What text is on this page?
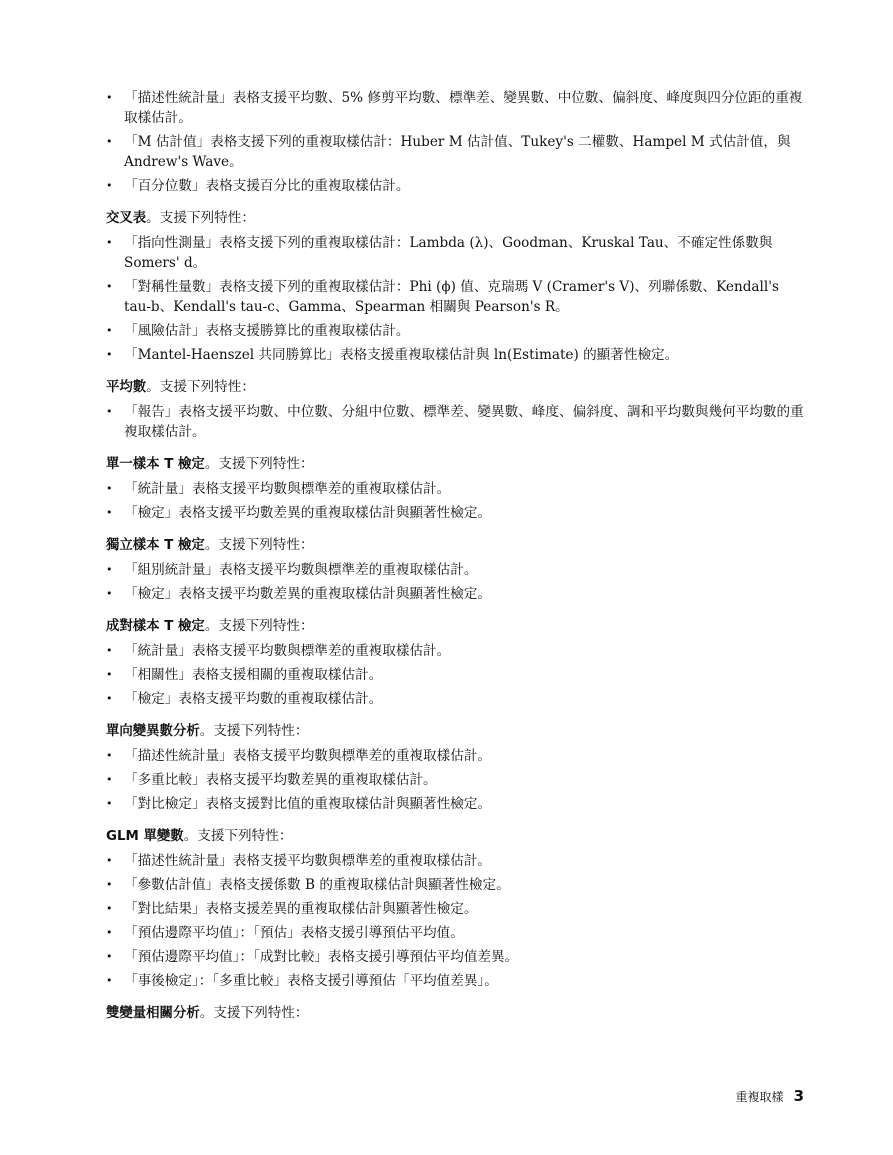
• 「描述性統計量」表格支援平均數、5% 修剪平均數、標準差、變異數、中位數、偏斜度、峰度與四分位距的重複取樣估計。
• 「M 估計值」表格支援下列的重複取樣估計：Huber M 估計值、Tukey's 二權數、Hampel M 式估計值，與 Andrew's Wave。
• 「百分位數」表格支援百分比的重複取樣估計。
交叉表。支援下列特性：
• 「指向性測量」表格支援下列的重複取樣估計：Lambda (λ)、Goodman、Kruskal Tau、不確定性係數與 Somers' d。
• 「對稱性量數」表格支援下列的重複取樣估計：Phi (ϕ) 值、克瑞瑪 V (Cramer's V)、列聯係數、Kendall's tau-b、Kendall's tau-c、Gamma、Spearman 相關與 Pearson's R。
• 「風險估計」表格支援勝算比的重複取樣估計。
• 「Mantel-Haenszel 共同勝算比」表格支援重複取樣估計與 ln(Estimate) 的顯著性檢定。
平均數。支援下列特性：
• 「報告」表格支援平均數、中位數、分組中位數、標準差、變異數、峰度、偏斜度、調和平均數與幾何平均數的重複取樣估計。
單一樣本 T 檢定。支援下列特性：
• 「統計量」表格支援平均數與標準差的重複取樣估計。
• 「檢定」表格支援平均數差異的重複取樣估計與顯著性檢定。
獨立樣本 T 檢定。支援下列特性：
• 「組別統計量」表格支援平均數與標準差的重複取樣估計。
• 「檢定」表格支援平均數差異的重複取樣估計與顯著性檢定。
成對樣本 T 檢定。支援下列特性：
• 「統計量」表格支援平均數與標準差的重複取樣估計。
• 「相關性」表格支援相關的重複取樣估計。
• 「檢定」表格支援平均數的重複取樣估計。
單向變異數分析。支援下列特性：
• 「描述性統計量」表格支援平均數與標準差的重複取樣估計。
• 「多重比較」表格支援平均數差異的重複取樣估計。
• 「對比檢定」表格支援對比值的重複取樣估計與顯著性檢定。
GLM 單變數。支援下列特性：
• 「描述性統計量」表格支援平均數與標準差的重複取樣估計。
• 「參數估計值」表格支援係數 B 的重複取樣估計與顯著性檢定。
• 「對比結果」表格支援差異的重複取樣估計與顯著性檢定。
• 「預估邊際平均值」：「預估」表格支援引導預估平均值。
• 「預估邊際平均值」：「成對比較」表格支援引導預估平均值差異。
• 「事後檢定」：「多重比較」表格支援引導預估「平均值差異」。
雙變量相關分析。支援下列特性：
重複取樣 3
